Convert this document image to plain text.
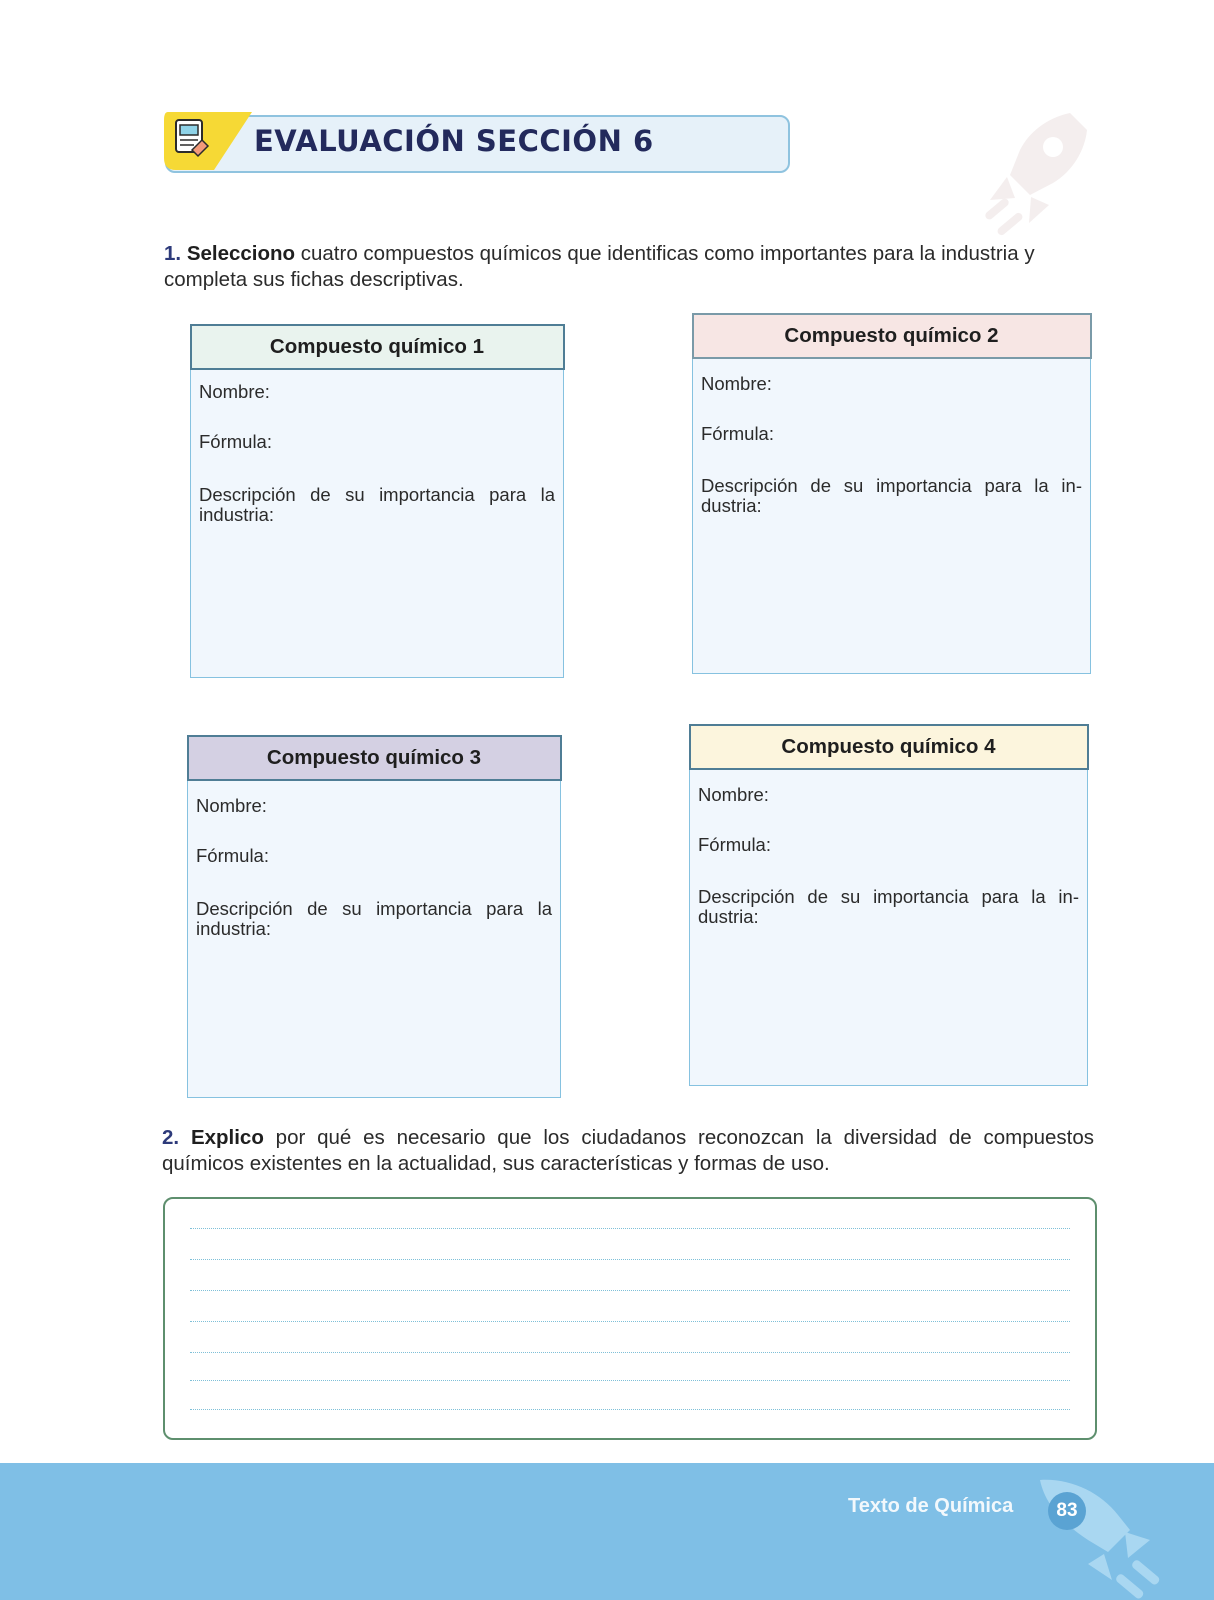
EVALUACIÓN SECCIÓN 6
1. Selecciono cuatro compuestos químicos que identificas como importantes para la industria y completa sus fichas descriptivas.
Compuesto químico 1
Nombre:
Fórmula:
Descripción de su importancia para la industria:
Compuesto químico 2
Nombre:
Fórmula:
Descripción de su importancia para la in-dustria:
Compuesto químico 3
Nombre:
Fórmula:
Descripción de su importancia para la industria:
Compuesto químico 4
Nombre:
Fórmula:
Descripción de su importancia para la in-dustria:
2. Explico por qué es necesario que los ciudadanos reconozcan la diversidad de compuestos químicos existentes en la actualidad, sus características y formas de uso.
Texto de Química	83
